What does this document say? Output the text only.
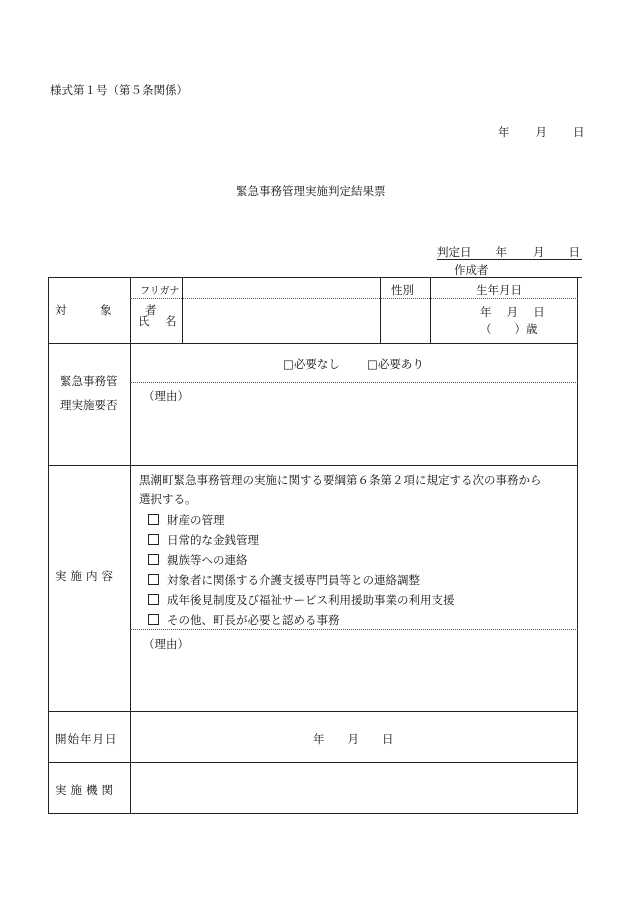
様式第１号（第５条関係）
年 月 日
緊急事務管理実施判定結果票
判定日 年 月 日
作成者
対　象　者
フリガナ
氏　名
性別	生年月日
年　 月　 日
（　　）歳
緊急事務管
理実施要否
□必要なし □必要あり
（理由）
実施内容
黒潮町緊急事務管理の実施に関する要綱第６条第２項に規定する次の事務から
選択する。
財産の管理
日常的な金銭管理
親族等への連絡
対象者に関係する介護支援専門員等との連絡調整
成年後見制度及び福祉サービス利用援助事業の利用支援
その他、町長が必要と認める事務
（理由）
開始年月日	年　　月　　日
実施機関
